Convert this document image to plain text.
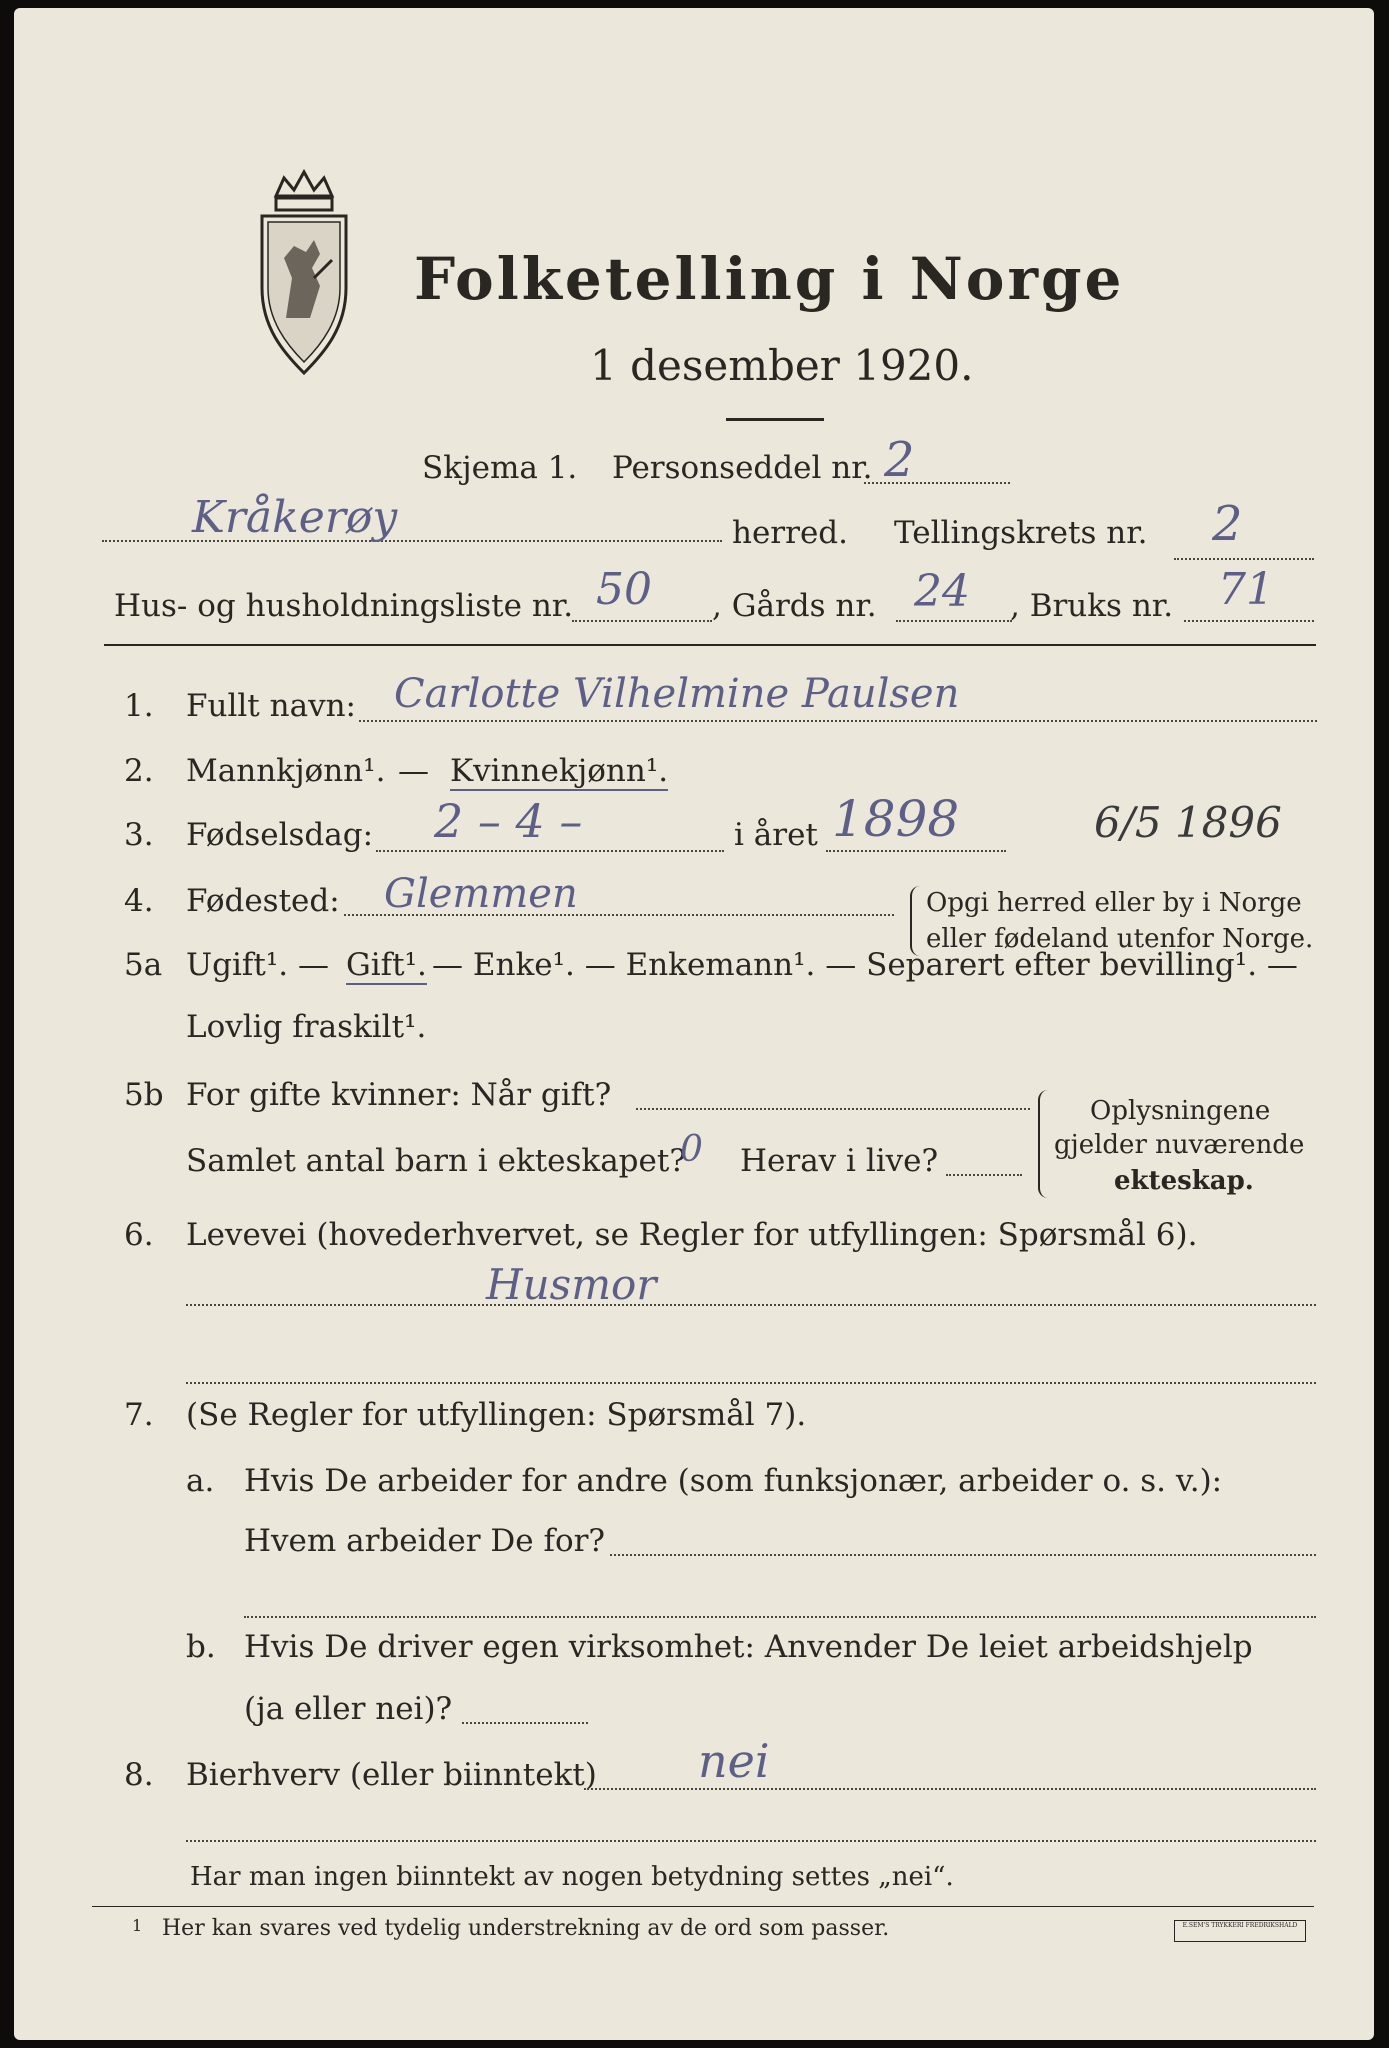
Folketelling i Norge
1 desember 1920.
Skjema 1. Personseddel nr. 2
Kråkerøy	herred. Tellingskrets nr. 2
Hus- og husholdningsliste nr. 50 , Gårds nr. 24 , Bruks nr. 71
1. Fullt navn: Carlotte Vilhelmine Paulsen
2. Mannkjønn¹. — Kvinnekjønn¹.
3. Fødselsdag: 2 – 4 –	i året 1898	6/5 1896
4. Fødested: Glemmen	Opgi herred eller by i Norge
eller fødeland utenfor Norge.
5a Ugift¹. — Gift¹. — Enke¹. — Enkemann¹. — Separert efter bevilling¹. —
Lovlig fraskilt¹.
5b For gifte kvinner: Når gift?
Samlet antal barn i ekteskapet?
0 Herav i live?
Oplysningene
gjelder nuværende
ekteskap.
6. Levevei (hovederhvervet, se Regler for utfyllingen: Spørsmål 6).
Husmor
7. (Se Regler for utfyllingen: Spørsmål 7).
a. Hvis De arbeider for andre (som funksjonær, arbeider o. s. v.):
Hvem arbeider De for?
b. Hvis De driver egen virksomhet: Anvender De leiet arbeidshjelp
(ja eller nei)?
8. Bierhverv (eller biinntekt) nei
Har man ingen biinntekt av nogen betydning settes „nei“.
1 Her kan svares ved tydelig understrekning av de ord som passer.	E.SEM'S TRYKKERI FREDRIKSHALD
